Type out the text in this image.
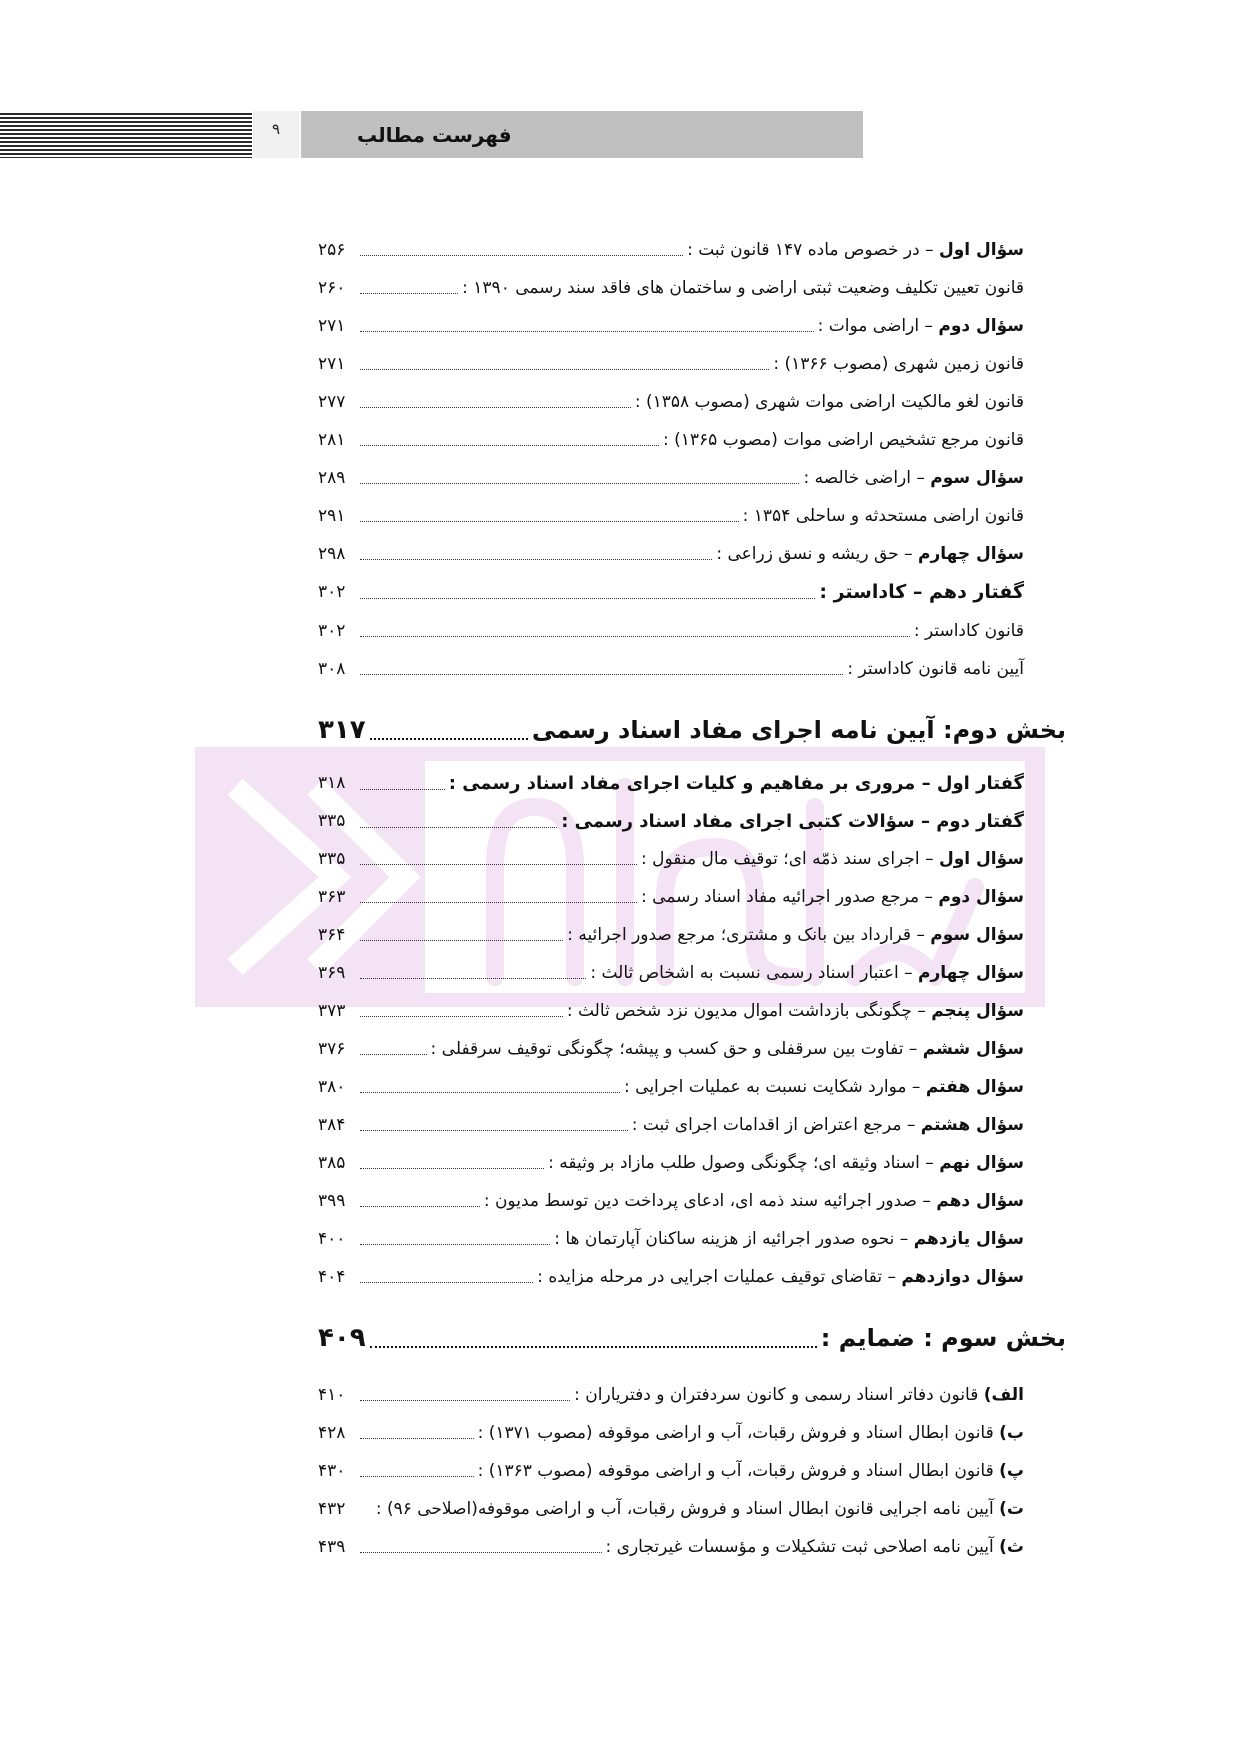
۹	فهرست مطالب
سؤال اول – در خصوص ماده ۱۴۷ قانون ثبت :
۲۵۶
قانون تعیین تکلیف وضعیت ثبتی اراضی و ساختمان های فاقد سند رسمی ۱۳۹۰ :
۲۶۰
سؤال دوم – اراضی موات :
۲۷۱
قانون زمین شهری (مصوب ۱۳۶۶) :
۲۷۱
قانون لغو مالکیت اراضی موات شهری (مصوب ۱۳۵۸) :
۲۷۷
قانون مرجع تشخیص اراضی موات (مصوب ۱۳۶۵) :
۲۸۱
سؤال سوم – اراضی خالصه :
۲۸۹
قانون اراضی مستحدثه و ساحلی ۱۳۵۴ :
۲۹۱
سؤال چهارم – حق ریشه و نسق زراعی :
۲۹۸
گفتار دهم – کاداستر :
۳۰۲
قانون کاداستر :
۳۰۲
آیین نامه قانون کاداستر :
۳۰۸
بخش دوم: آیین نامه اجرای مفاد اسناد رسمی
۳۱۷
گفتار اول – مروری بر مفاهیم و کلیات اجرای مفاد اسناد رسمی :
۳۱۸
گفتار دوم – سؤالات کتبی اجرای مفاد اسناد رسمی :
۳۳۵
سؤال اول – اجرای سند ذمّه ای؛ توقیف مال منقول :
۳۳۵
سؤال دوم – مرجع صدور اجرائیه مفاد اسناد رسمی :
۳۶۳
سؤال سوم – قرارداد بین بانک و مشتری؛ مرجع صدور اجرائیه :
۳۶۴
سؤال چهارم – اعتبار اسناد رسمی نسبت به اشخاص ثالث :
۳۶۹
سؤال پنجم – چگونگی بازداشت اموال مدیون نزد شخص ثالث :
۳۷۳
سؤال ششم – تفاوت بین سرقفلی و حق کسب و پیشه؛ چگونگی توقیف سرقفلی :
۳۷۶
سؤال هفتم – موارد شکایت نسبت به عملیات اجرایی :
۳۸۰
سؤال هشتم – مرجع اعتراض از اقدامات اجرای ثبت :
۳۸۴
سؤال نهم – اسناد وثیقه ای؛ چگونگی وصول طلب مازاد بر وثیقه :
۳۸۵
سؤال دهم – صدور اجرائیه سند ذمه ای، ادعای پرداخت دین توسط مدیون :
۳۹۹
سؤال یازدهم – نحوه صدور اجرائیه از هزینه ساکنان آپارتمان ها :
۴۰۰
سؤال دوازدهم – تقاضای توقیف عملیات اجرایی در مرحله مزایده :
۴۰۴
بخش سوم : ضمایم :
۴۰۹
الف) قانون دفاتر اسناد رسمی و کانون سردفتران و دفتریاران :
۴۱۰
ب) قانون ابطال اسناد و فروش رقبات، آب و اراضی موقوفه (مصوب ۱۳۷۱) :
۴۲۸
پ) قانون ابطال اسناد و فروش رقبات، آب و اراضی موقوفه (مصوب ۱۳۶۳) :
۴۳۰
ت) آیین نامه اجرایی قانون ابطال اسناد و فروش رقبات، آب و اراضی موقوفه(اصلاحی ۹۶) :
۴۳۲
ث) آیین نامه اصلاحی ثبت تشکیلات و مؤسسات غیرتجاری :
۴۳۹
